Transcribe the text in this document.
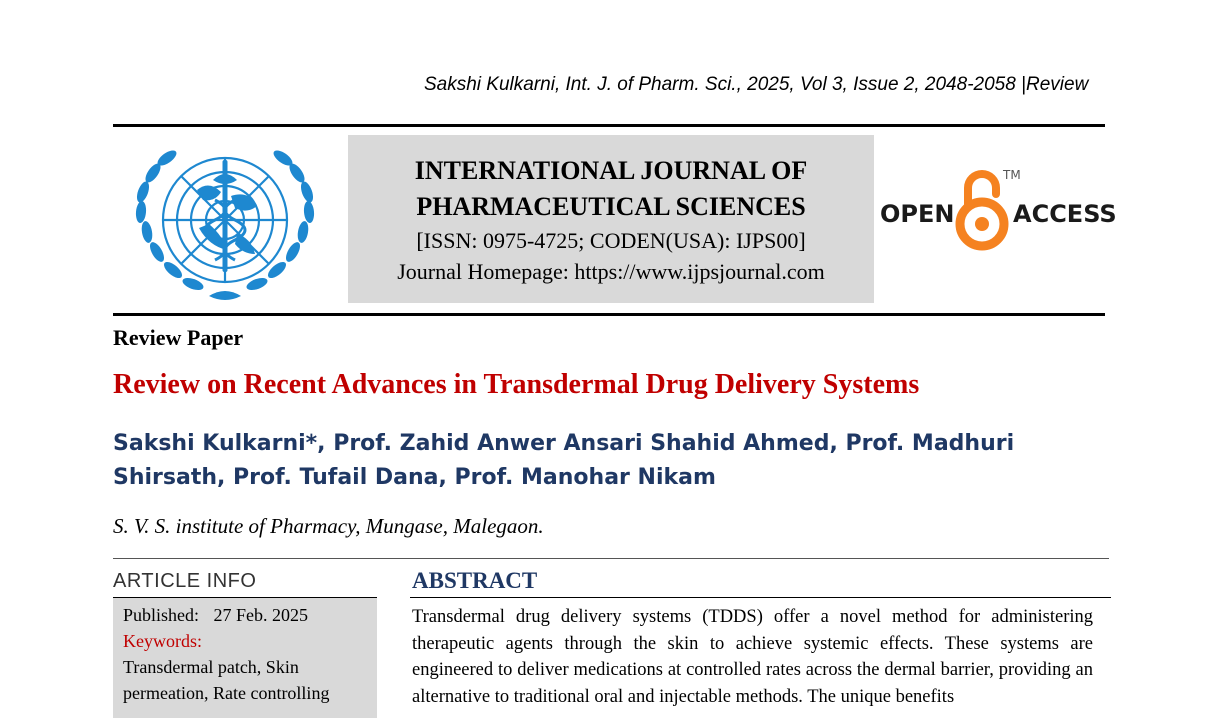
Sakshi Kulkarni, Int. J. of Pharm. Sci., 2025, Vol 3, Issue 2, 2048-2058 |Review
INTERNATIONAL JOURNAL OF
PHARMACEUTICAL SCIENCES
[ISSN: 0975-4725; CODEN(USA): IJPS00]
Journal Homepage: https://www.ijpsjournal.com
OPEN
TM
ACCESS
Review Paper
Review on Recent Advances in Transdermal Drug Delivery Systems
Sakshi Kulkarni*, Prof. Zahid Anwer Ansari Shahid Ahmed, Prof. Madhuri Shirsath, Prof. Tufail Dana, Prof. Manohar Nikam
S. V. S. institute of Pharmacy, Mungase, Malegaon.
ARTICLE INFO
Published: 27 Feb. 2025
Keywords:
Transdermal patch, Skin permeation, Rate controlling
ABSTRACT
Transdermal drug delivery systems (TDDS) offer a novel method for administering therapeutic agents through the skin to achieve systemic effects. These systems are engineered to deliver medications at controlled rates across the dermal barrier, providing an alternative to traditional oral and injectable methods. The unique benefits
